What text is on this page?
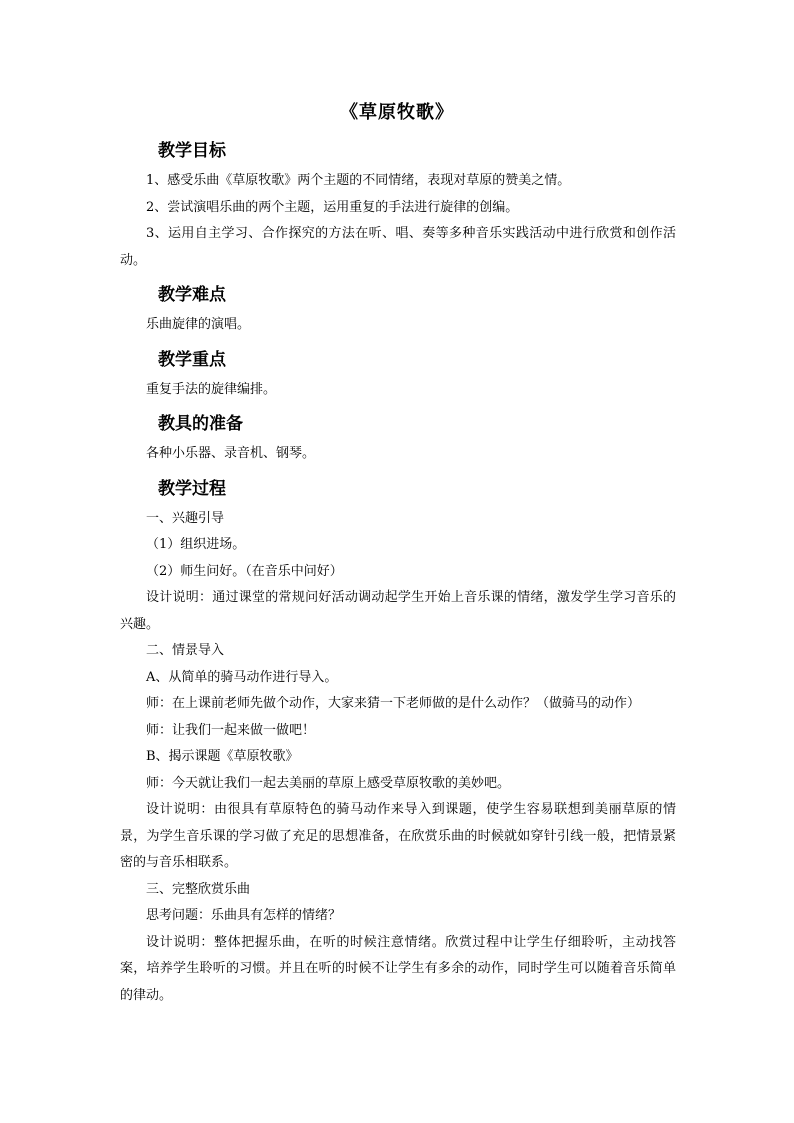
《草原牧歌》
教学目标

1、感受乐曲《草原牧歌》两个主题的不同情绪，表现对草原的赞美之情。

2、尝试演唱乐曲的两个主题，运用重复的手法进行旋律的创编。

3、运用自主学习、合作探究的方法在听、唱、奏等多种音乐实践活动中进行欣赏和创作活动。

教学难点

乐曲旋律的演唱。

教学重点

重复手法的旋律编排。

教具的准备

各种小乐器、录音机、钢琴。

教学过程

一、兴趣引导

（1）组织进场。

（2）师生问好。（在音乐中问好）

设计说明：通过课堂的常规问好活动调动起学生开始上音乐课的情绪，激发学生学习音乐的兴趣。

二、情景导入

A、从简单的骑马动作进行导入。

师：在上课前老师先做个动作，大家来猜一下老师做的是什么动作？（做骑马的动作）

师：让我们一起来做一做吧！

B、揭示课题《草原牧歌》

师：今天就让我们一起去美丽的草原上感受草原牧歌的美妙吧。

设计说明：由很具有草原特色的骑马动作来导入到课题，使学生容易联想到美丽草原的情景，为学生音乐课的学习做了充足的思想准备，在欣赏乐曲的时候就如穿针引线一般，把情景紧密的与音乐相联系。

三、完整欣赏乐曲

思考问题：乐曲具有怎样的情绪？

设计说明：整体把握乐曲，在听的时候注意情绪。欣赏过程中让学生仔细聆听，主动找答案，培养学生聆听的习惯。并且在听的时候不让学生有多余的动作，同时学生可以随着音乐简单的律动。
